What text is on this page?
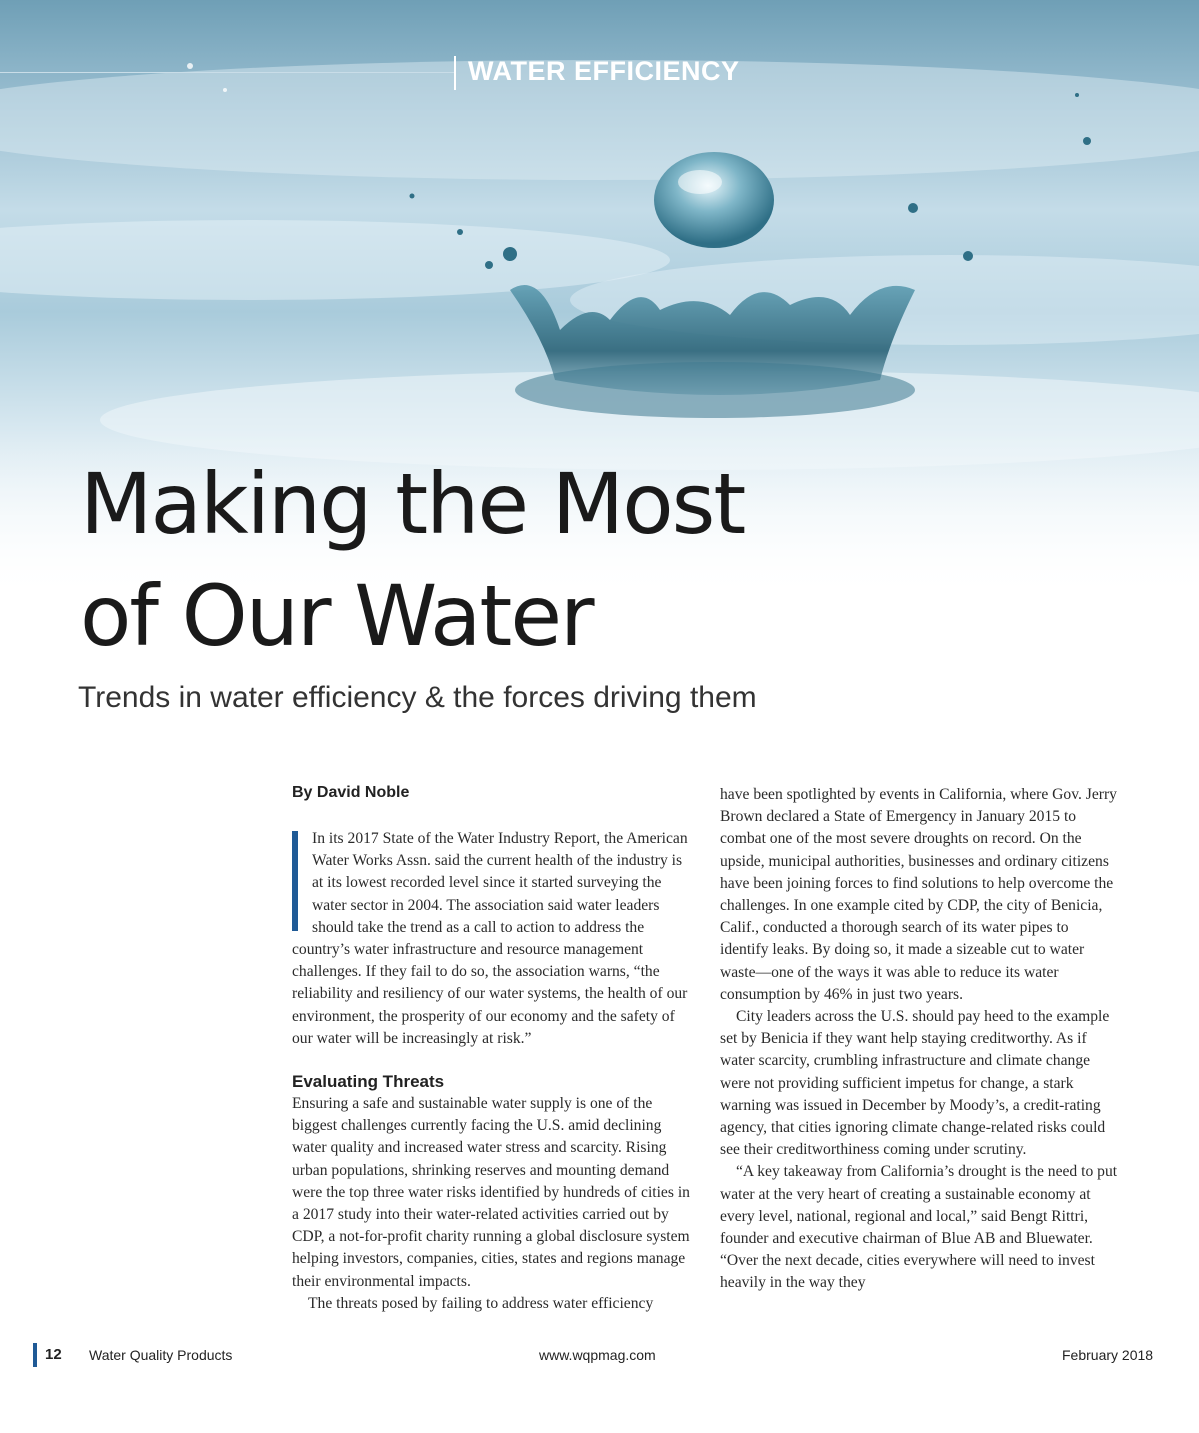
WATER EFFICIENCY
Making the Most
of Our Water
Trends in water efficiency & the forces driving them
By David Noble

In its 2017 State of the Water Industry Report, the American Water Works Assn. said the current health of the industry is at its lowest recorded level since it started surveying the water sector in 2004. The association said water leaders should take the trend as a call to action to address the country’s water infrastructure and resource management challenges. If they fail to do so, the association warns, “the reliability and resiliency of our water systems, the health of our environment, the prosperity of our economy and the safety of our water will be increasingly at risk.”

Evaluating Threats

Ensuring a safe and sustainable water supply is one of the biggest challenges currently facing the U.S. amid declining water quality and increased water stress and scarcity. Rising urban populations, shrinking reserves and mounting demand were the top three water risks identified by hundreds of cities in a 2017 study into their water-related activities carried out by CDP, a not-for-profit charity running a global disclosure system helping investors, companies, cities, states and regions manage their environmental impacts.

The threats posed by failing to address water efficiency

have been spotlighted by events in California, where Gov. Jerry Brown declared a State of Emergency in January 2015 to combat one of the most severe droughts on record. On the upside, municipal authorities, businesses and ordinary citizens have been joining forces to find solutions to help overcome the challenges. In one example cited by CDP, the city of Benicia, Calif., conducted a thorough search of its water pipes to identify leaks. By doing so, it made a sizeable cut to water waste—one of the ways it was able to reduce its water consumption by 46% in just two years.

City leaders across the U.S. should pay heed to the example set by Benicia if they want help staying creditworthy. As if water scarcity, crumbling infrastructure and climate change were not providing sufficient impetus for change, a stark warning was issued in December by Moody’s, a credit-rating agency, that cities ignoring climate change-related risks could see their creditworthiness coming under scrutiny.

“A key takeaway from California’s drought is the need to put water at the very heart of creating a sustainable economy at every level, national, regional and local,” said Bengt Rittri, founder and executive chairman of Blue AB and Bluewater. “Over the next decade, cities everywhere will need to invest heavily in the way they

12 Water Quality Products	www.wqpmag.com	February 2018
